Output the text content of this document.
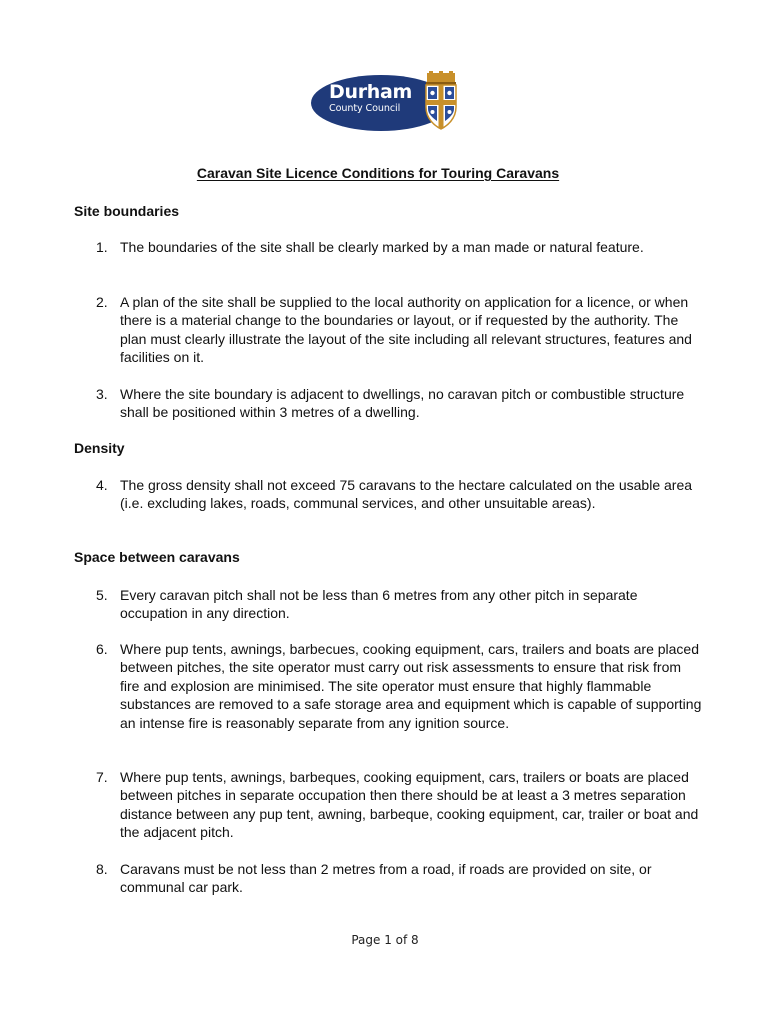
Durham
County Council
Caravan Site Licence Conditions for Touring Caravans
Site boundaries
1. The boundaries of the site shall be clearly marked by a man made or natural feature.
2. A plan of the site shall be supplied to the local authority on application for a licence, or when there is a material change to the boundaries or layout, or if requested by the authority. The plan must clearly illustrate the layout of the site including all relevant structures, features and facilities on it.
3. Where the site boundary is adjacent to dwellings, no caravan pitch or combustible structure shall be positioned within 3 metres of a dwelling.
Density
4. The gross density shall not exceed 75 caravans to the hectare calculated on the usable area (i.e. excluding lakes, roads, communal services, and other unsuitable areas).
Space between caravans
5. Every caravan pitch shall not be less than 6 metres from any other pitch in separate occupation in any direction.
6. Where pup tents, awnings, barbecues, cooking equipment, cars, trailers and boats are placed between pitches, the site operator must carry out risk assessments to ensure that risk from fire and explosion are minimised. The site operator must ensure that highly flammable substances are removed to a safe storage area and equipment which is capable of supporting an intense fire is reasonably separate from any ignition source.
7. Where pup tents, awnings, barbeques, cooking equipment, cars, trailers or boats are placed between pitches in separate occupation then there should be at least a 3 metres separation distance between any pup tent, awning, barbeque, cooking equipment, car, trailer or boat and the adjacent pitch.
8. Caravans must be not less than 2 metres from a road, if roads are provided on site, or communal car park.
Page 1 of 8
